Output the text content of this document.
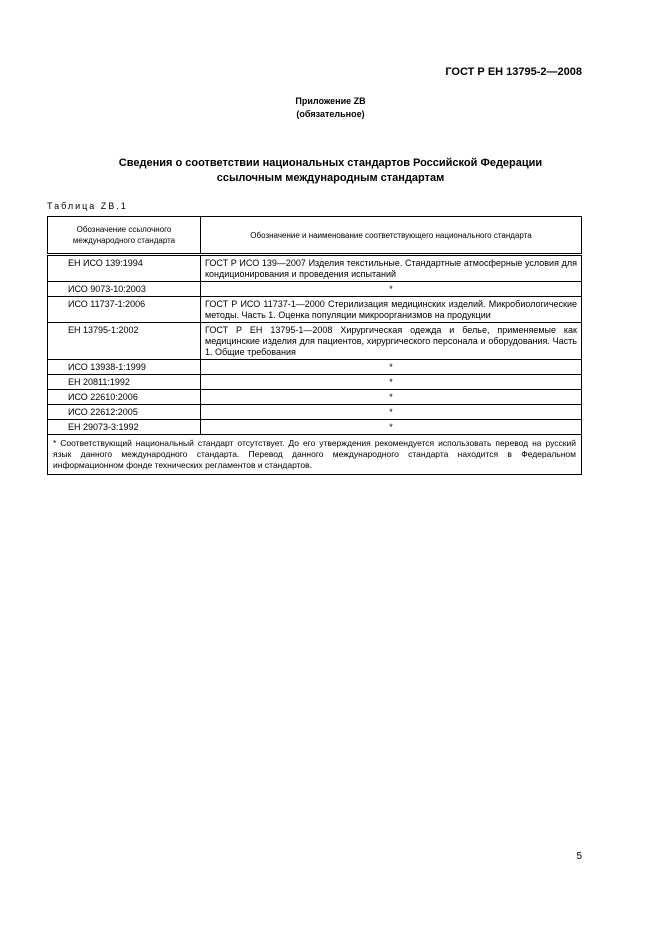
ГОСТ Р ЕН 13795-2—2008
Приложение ZB
(обязательное)
Сведения о соответствии национальных стандартов Российской Федерации
ссылочным международным стандартам
Таблица ZB.1
Обозначение ссылочного международного стандарта	Обозначение и наименование соответствующего национального стандарта
ЕН ИСО 139:1994	ГОСТ Р ИСО 139—2007 Изделия текстильные. Стандартные атмосферные условия для кондиционирования и проведения испытаний
ИСО 9073-10:2003	*
ИСО 11737-1:2006	ГОСТ Р ИСО 11737-1—2000 Стерилизация медицинских изделий. Микробиологические методы. Часть 1. Оценка популяции микроорганизмов на продукции
ЕН 13795-1:2002	ГОСТ Р ЕН 13795-1—2008 Хирургическая одежда и белье, применяемые как медицинские изделия для пациентов, хирургического персонала и оборудования. Часть 1. Общие требования
ИСО 13938-1:1999	*
ЕН 20811:1992	*
ИСО 22610:2006	*
ИСО 22612:2005	*
ЕН 29073-3:1992	*
* Соответствующий национальный стандарт отсутствует. До его утверждения рекомендуется использовать перевод на русский язык данного международного стандарта. Перевод данного международного стандарта находится в Федеральном информационном фонде технических регламентов и стандартов.	
5
